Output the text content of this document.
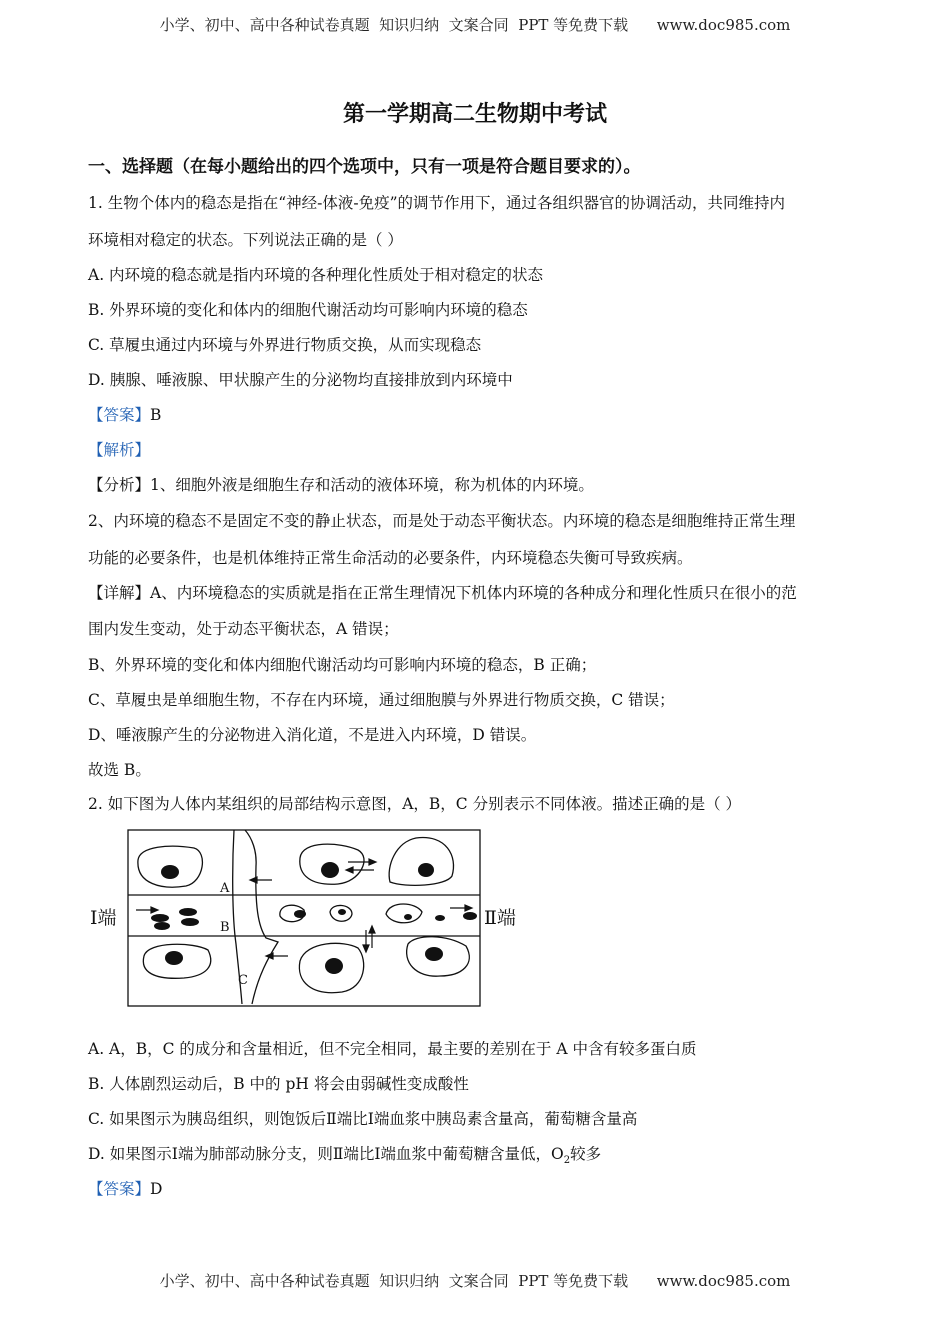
小学、初中、高中各种试卷真题  知识归纳  文案合同  PPT 等免费下载      www.doc985.com
第一学期高二生物期中考试
一、选择题（在每小题给出的四个选项中，只有一项是符合题目要求的）。
1. 生物个体内的稳态是指在“神经-体液-免疫”的调节作用下，通过各组织器官的协调活动，共同维持内
环境相对稳定的状态。下列说法正确的是（ ）
A. 内环境的稳态就是指内环境的各种理化性质处于相对稳定的状态
B. 外界环境的变化和体内的细胞代谢活动均可影响内环境的稳态
C. 草履虫通过内环境与外界进行物质交换，从而实现稳态
D. 胰腺、唾液腺、甲状腺产生的分泌物均直接排放到内环境中
【答案】B
【解析】
【分析】1、细胞外液是细胞生存和活动的液体环境，称为机体的内环境。
2、内环境的稳态不是固定不变的静止状态，而是处于动态平衡状态。内环境的稳态是细胞维持正常生理
功能的必要条件，也是机体维持正常生命活动的必要条件，内环境稳态失衡可导致疾病。
【详解】A、内环境稳态的实质就是指在正常生理情况下机体内环境的各种成分和理化性质只在很小的范
围内发生变动，处于动态平衡状态，A 错误；
B、外界环境的变化和体内细胞代谢活动均可影响内环境的稳态，B 正确；
C、草履虫是单细胞生物，不存在内环境，通过细胞膜与外界进行物质交换，C 错误；
D、唾液腺产生的分泌物进入消化道，不是进入内环境，D 错误。
故选 B。
2. 如下图为人体内某组织的局部结构示意图，A，B，C 分别表示不同体液。描述正确的是（ ）
Ⅰ端	Ⅱ端
A
B
C
A. A，B，C 的成分和含量相近，但不完全相同，最主要的差别在于 A 中含有较多蛋白质
B. 人体剧烈运动后，B 中的 pH 将会由弱碱性变成酸性
C. 如果图示为胰岛组织，则饱饭后Ⅱ端比Ⅰ端血浆中胰岛素含量高，葡萄糖含量高
D. 如果图示Ⅰ端为肺部动脉分支，则Ⅱ端比Ⅰ端血浆中葡萄糖含量低，$O_2$较多
【答案】D
小学、初中、高中各种试卷真题  知识归纳  文案合同  PPT 等免费下载      www.doc985.com
